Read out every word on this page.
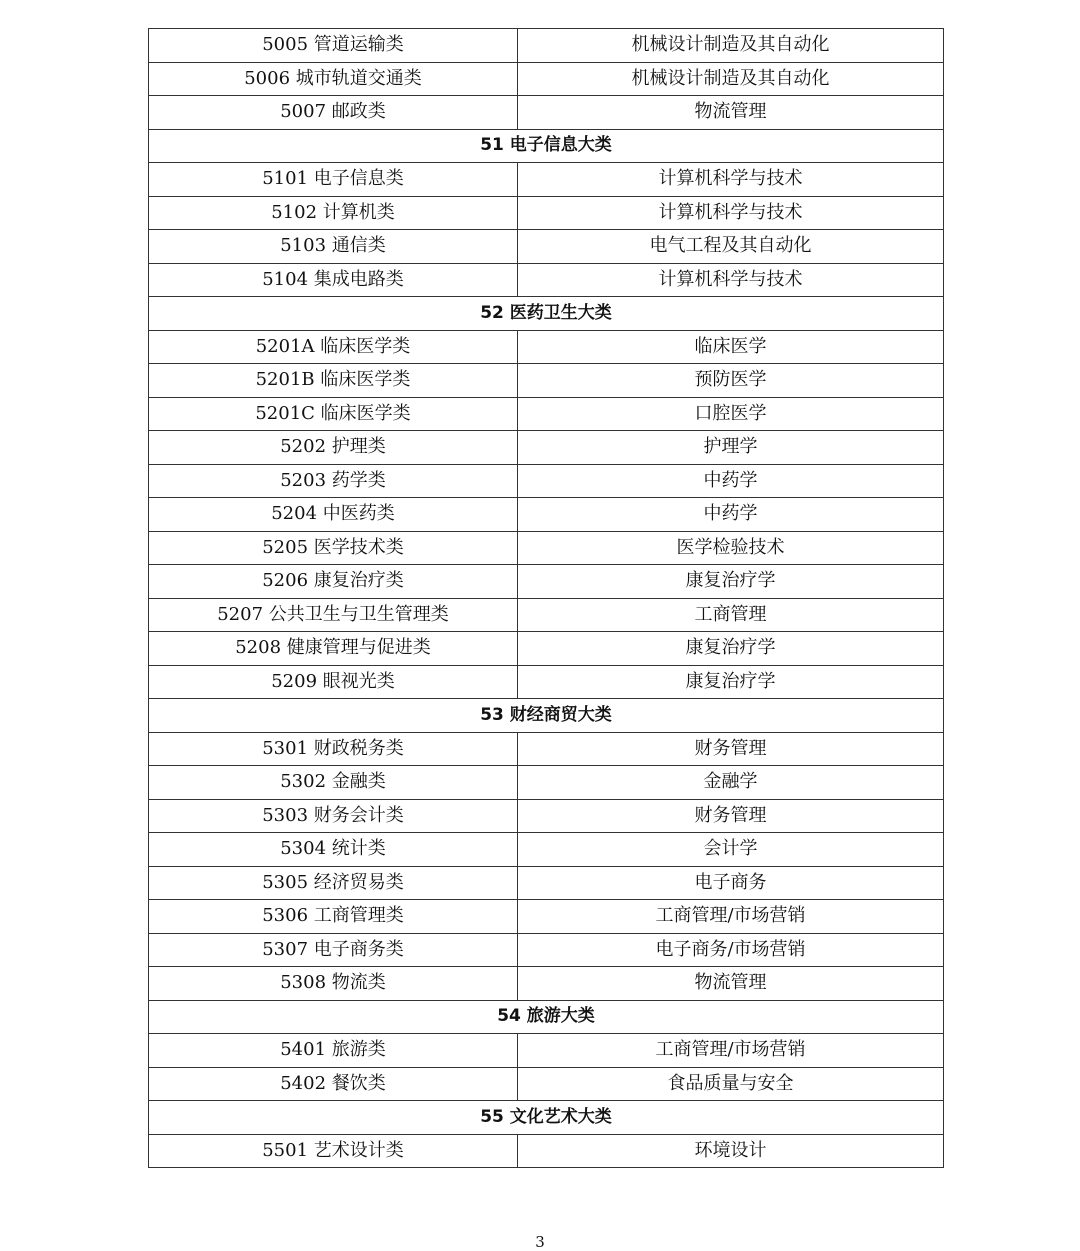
5005 管道运输类	机械设计制造及其自动化
5006 城市轨道交通类	机械设计制造及其自动化
5007 邮政类	物流管理
51 电子信息大类	
5101 电子信息类	计算机科学与技术
5102 计算机类	计算机科学与技术
5103 通信类	电气工程及其自动化
5104 集成电路类	计算机科学与技术
52 医药卫生大类	
5201A 临床医学类	临床医学
5201B 临床医学类	预防医学
5201C 临床医学类	口腔医学
5202 护理类	护理学
5203 药学类	中药学
5204 中医药类	中药学
5205 医学技术类	医学检验技术
5206 康复治疗类	康复治疗学
5207 公共卫生与卫生管理类	工商管理
5208 健康管理与促进类	康复治疗学
5209 眼视光类	康复治疗学
53 财经商贸大类	
5301 财政税务类	财务管理
5302 金融类	金融学
5303 财务会计类	财务管理
5304 统计类	会计学
5305 经济贸易类	电子商务
5306 工商管理类	工商管理/市场营销
5307 电子商务类	电子商务/市场营销
5308 物流类	物流管理
54 旅游大类	
5401 旅游类	工商管理/市场营销
5402 餐饮类	食品质量与安全
55 文化艺术大类	
5501 艺术设计类	环境设计
3
